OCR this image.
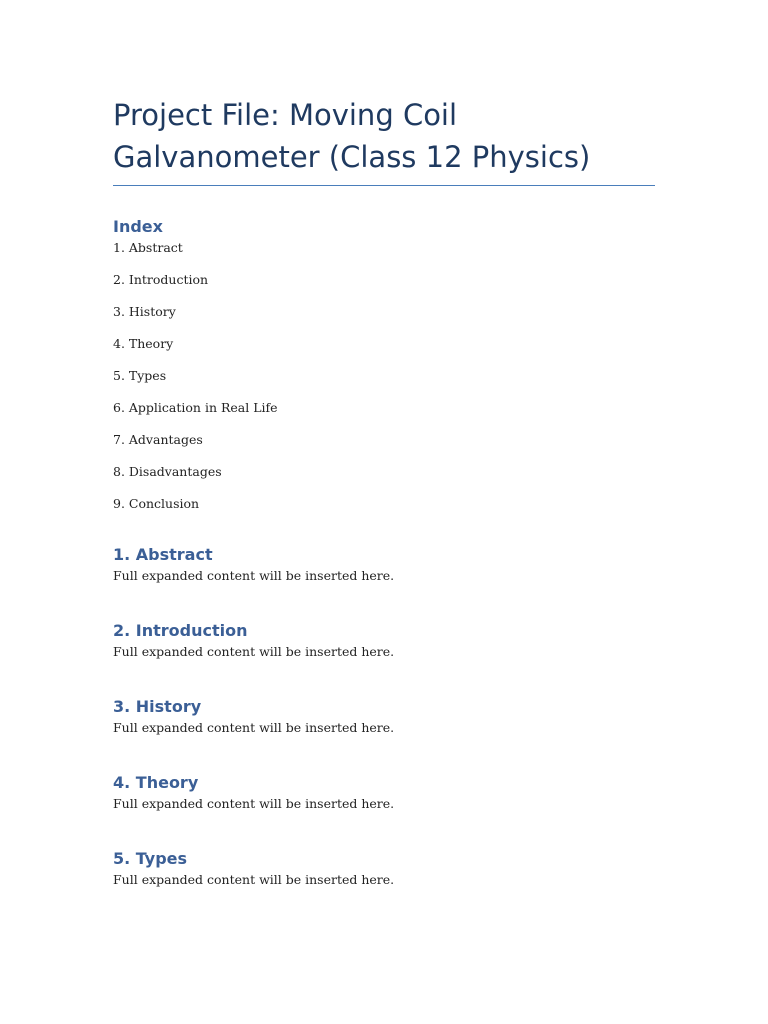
Project File: Moving Coil Galvanometer (Class 12 Physics)
Index
1. Abstract
2. Introduction
3. History
4. Theory
5. Types
6. Application in Real Life
7. Advantages
8. Disadvantages
9. Conclusion
1. Abstract

Full expanded content will be inserted here.

2. Introduction

Full expanded content will be inserted here.

3. History

Full expanded content will be inserted here.

4. Theory

Full expanded content will be inserted here.

5. Types

Full expanded content will be inserted here.
